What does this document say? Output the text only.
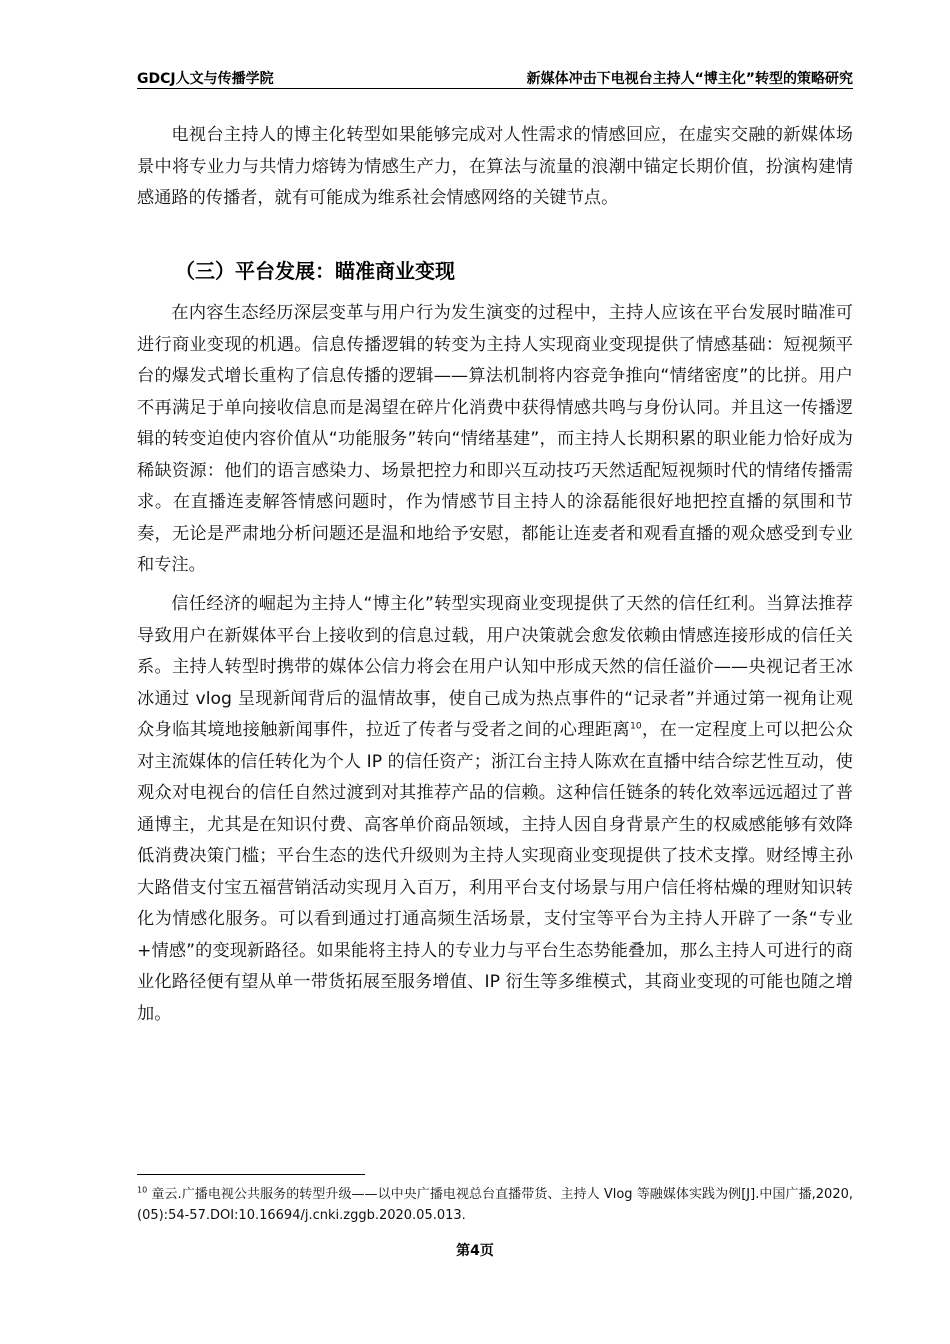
GDCJ人文与传播学院	新媒体冲击下电视台主持人“博主化”转型的策略研究

电视台主持人的博主化转型如果能够完成对人性需求的情感回应，在虚实交融的新媒体场景中将专业力与共情力熔铸为情感生产力，在算法与流量的浪潮中锚定长期价值，扮演构建情感通路的传播者，就有可能成为维系社会情感网络的关键节点。

（三）平台发展：瞄准商业变现

在内容生态经历深层变革与用户行为发生演变的过程中，主持人应该在平台发展时瞄准可进行商业变现的机遇。信息传播逻辑的转变为主持人实现商业变现提供了情感基础：短视频平台的爆发式增长重构了信息传播的逻辑——算法机制将内容竞争推向“情绪密度”的比拼。用户不再满足于单向接收信息而是渴望在碎片化消费中获得情感共鸣与身份认同。并且这一传播逻辑的转变迫使内容价值从“功能服务”转向“情绪基建”，而主持人长期积累的职业能力恰好成为稀缺资源：他们的语言感染力、场景把控力和即兴互动技巧天然适配短视频时代的情绪传播需求。在直播连麦解答情感问题时，作为情感节目主持人的涂磊能很好地把控直播的氛围和节奏，无论是严肃地分析问题还是温和地给予安慰，都能让连麦者和观看直播的观众感受到专业和专注。

信任经济的崛起为主持人“博主化”转型实现商业变现提供了天然的信任红利。当算法推荐导致用户在新媒体平台上接收到的信息过载，用户决策就会愈发依赖由情感连接形成的信任关系。主持人转型时携带的媒体公信力将会在用户认知中形成天然的信任溢价——央视记者王冰冰通过 vlog 呈现新闻背后的温情故事，使自己成为热点事件的“记录者”并通过第一视角让观众身临其境地接触新闻事件，拉近了传者与受者之间的心理距离$^{10}$，在一定程度上可以把公众对主流媒体的信任转化为个人 IP 的信任资产；浙江台主持人陈欢在直播中结合综艺性互动，使观众对电视台的信任自然过渡到对其推荐产品的信赖。这种信任链条的转化效率远远超过了普通博主，尤其是在知识付费、高客单价商品领域，主持人因自身背景产生的权威感能够有效降低消费决策门槛；平台生态的迭代升级则为主持人实现商业变现提供了技术支撑。财经博主孙大路借支付宝五福营销活动实现月入百万，利用平台支付场景与用户信任将枯燥的理财知识转化为情感化服务。可以看到通过打通高频生活场景，支付宝等平台为主持人开辟了一条“专业+情感”的变现新路径。如果能将主持人的专业力与平台生态势能叠加，那么主持人可进行的商业化路径便有望从单一带货拓展至服务增值、IP 衍生等多维模式，其商业变现的可能也随之增加。

$^{10}$ 童云.广播电视公共服务的转型升级——以中央广播电视总台直播带货、主持人 Vlog 等融媒体实践为例[J].中国广播,2020,(05):54-57.DOI:10.16694/j.cnki.zggb.2020.05.013.

第4页
